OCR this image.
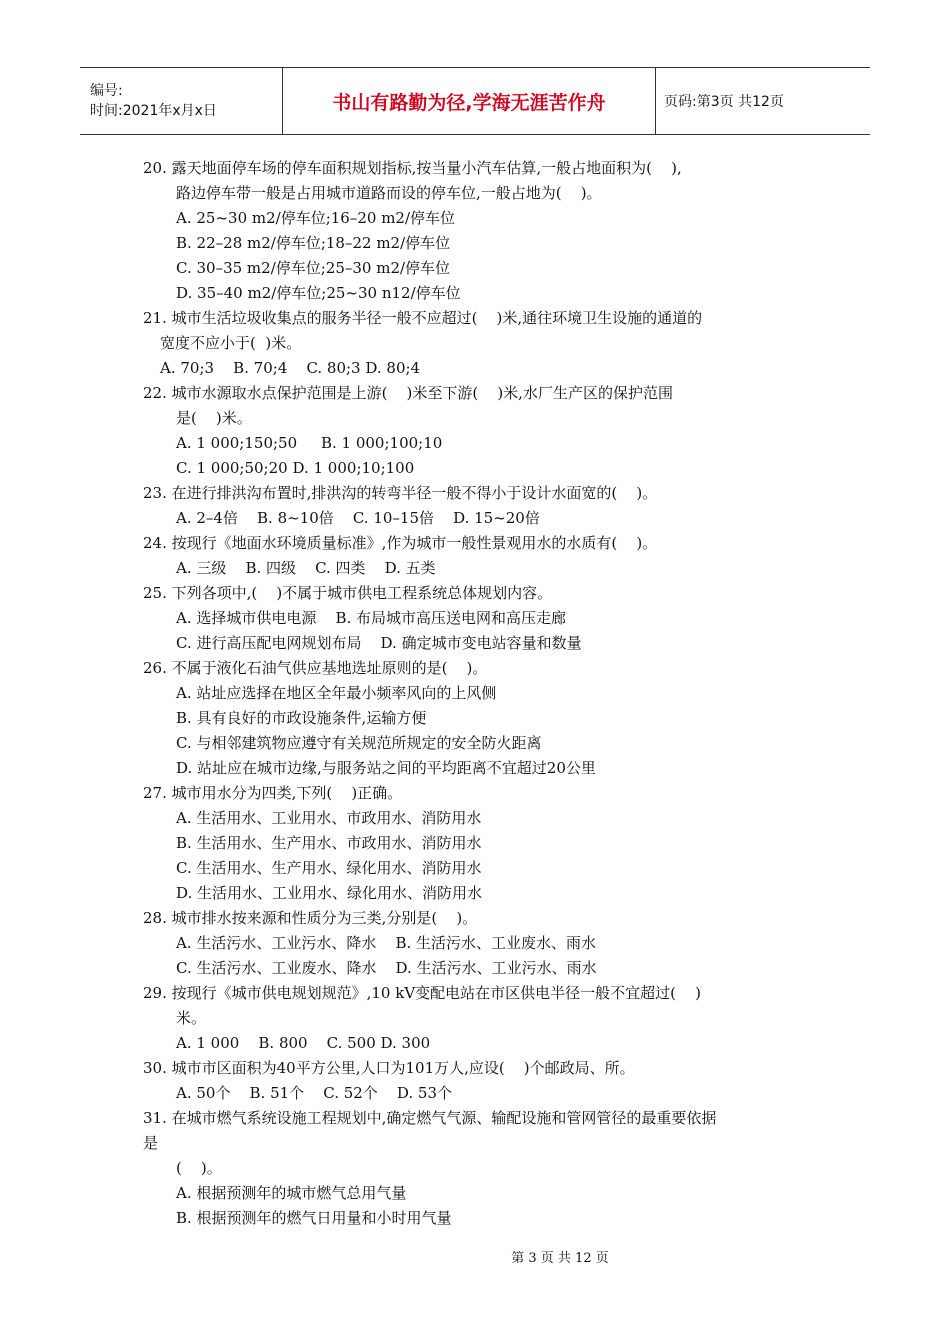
编号:
时间:2021年x月x日	书山有路勤为径,学海无涯苦作舟	页码:第3页 共12页
20. 露天地面停车场的停车面积规划指标,按当量小汽车估算,一般占地面积为(    ),
路边停车带一般是占用城市道路而设的停车位,一般占地为(    )。
A. 25~30 m2/停车位;16–20 m2/停车位
B. 22–28 m2/停车位;18–22 m2/停车位
C. 30–35 m2/停车位;25–30 m2/停车位
D. 35–40 m2/停车位;25~30 n12/停车位
21. 城市生活垃圾收集点的服务半径一般不应超过(    )米,通往环境卫生设施的通道的
宽度不应小于(  )米。
A. 70;3    B. 70;4    C. 80;3 D. 80;4
22. 城市水源取水点保护范围是上游(    )米至下游(    )米,水厂生产区的保护范围
是(    )米。
A. 1 000;150;50     B. 1 000;100;10
C. 1 000;50;20 D. 1 000;10;100
23. 在进行排洪沟布置时,排洪沟的转弯半径一般不得小于设计水面宽的(    )。
A. 2–4倍    B. 8~10倍    C. 10–15倍    D. 15~20倍
24. 按现行《地面水环境质量标准》,作为城市一般性景观用水的水质有(    )。
A. 三级    B. 四级    C. 四类    D. 五类
25. 下列各项中,(    )不属于城市供电工程系统总体规划内容。
A. 选择城市供电电源    B. 布局城市高压送电网和高压走廊
C. 进行高压配电网规划布局    D. 确定城市变电站容量和数量
26. 不属于液化石油气供应基地选址原则的是(    )。
A. 站址应选择在地区全年最小频率风向的上风侧
B. 具有良好的市政设施条件,运输方便
C. 与相邻建筑物应遵守有关规范所规定的安全防火距离
D. 站址应在城市边缘,与服务站之间的平均距离不宜超过20公里
27. 城市用水分为四类,下列(    )正确。
A. 生活用水、工业用水、市政用水、消防用水
B. 生活用水、生产用水、市政用水、消防用水
C. 生活用水、生产用水、绿化用水、消防用水
D. 生活用水、工业用水、绿化用水、消防用水
28. 城市排水按来源和性质分为三类,分别是(    )。
A. 生活污水、工业污水、降水    B. 生活污水、工业废水、雨水
C. 生活污水、工业废水、降水    D. 生活污水、工业污水、雨水
29. 按现行《城市供电规划规范》,10 kV变配电站在市区供电半径一般不宜超过(    )
米。
A. 1 000    B. 800    C. 500 D. 300
30. 城市市区面积为40平方公里,人口为101万人,应设(    )个邮政局、所。
A. 50个    B. 51个    C. 52个    D. 53个
31. 在城市燃气系统设施工程规划中,确定燃气气源、输配设施和管网管径的最重要依据
是
(    )。
A. 根据预测年的城市燃气总用气量
B. 根据预测年的燃气日用量和小时用气量
第 3 页 共 12 页
